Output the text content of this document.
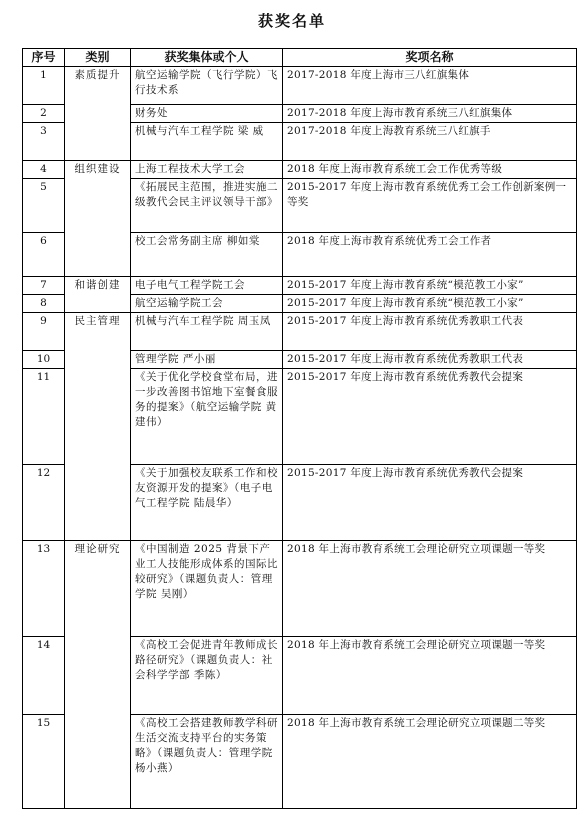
获奖名单
序号	类别	获奖集体或个人	奖项名称
1	素质提升	航空运输学院（飞行学院）飞行技术系	2017-2018 年度上海市三八红旗集体
2		财务处	2017-2018 年度上海市教育系统三八红旗集体
3		机械与汽车工程学院 梁 威	2017-2018 年度上海教育系统三八红旗手
4	组织建设	上海工程技术大学工会	2018 年度上海市教育系统工会工作优秀等级
5		《拓展民主范围，推进实施二级教代会民主评议领导干部》	2015-2017 年度上海市教育系统优秀工会工作创新案例一等奖
6		校工会常务副主席 柳如棠	2018 年度上海市教育系统优秀工会工作者
7	和谐创建	电子电气工程学院工会	2015-2017 年度上海市教育系统“模范教工小家”
8		航空运输学院工会	2015-2017 年度上海市教育系统“模范教工小家”
9	民主管理	机械与汽车工程学院 周玉凤	2015-2017 年度上海市教育系统优秀教职工代表
10		管理学院 严小丽	2015-2017 年度上海市教育系统优秀教职工代表
11		《关于优化学校食堂布局，进一步改善图书馆地下室餐食服务的提案》（航空运输学院 黄建伟）	2015-2017 年度上海市教育系统优秀教代会提案
12		《关于加强校友联系工作和校友资源开发的提案》（电子电气工程学院 陆晨华）	2015-2017 年度上海市教育系统优秀教代会提案
13	理论研究	《中国制造 2025 背景下产业工人技能形成体系的国际比较研究》（课题负责人：管理学院 吴刚）	2018 年上海市教育系统工会理论研究立项课题一等奖
14		《高校工会促进青年教师成长路径研究》（课题负责人：社会科学学部 季陈）	2018 年上海市教育系统工会理论研究立项课题一等奖
15		《高校工会搭建教师教学科研生活交流支持平台的实务策略》（课题负责人：管理学院 杨小燕）	2018 年上海市教育系统工会理论研究立项课题二等奖
